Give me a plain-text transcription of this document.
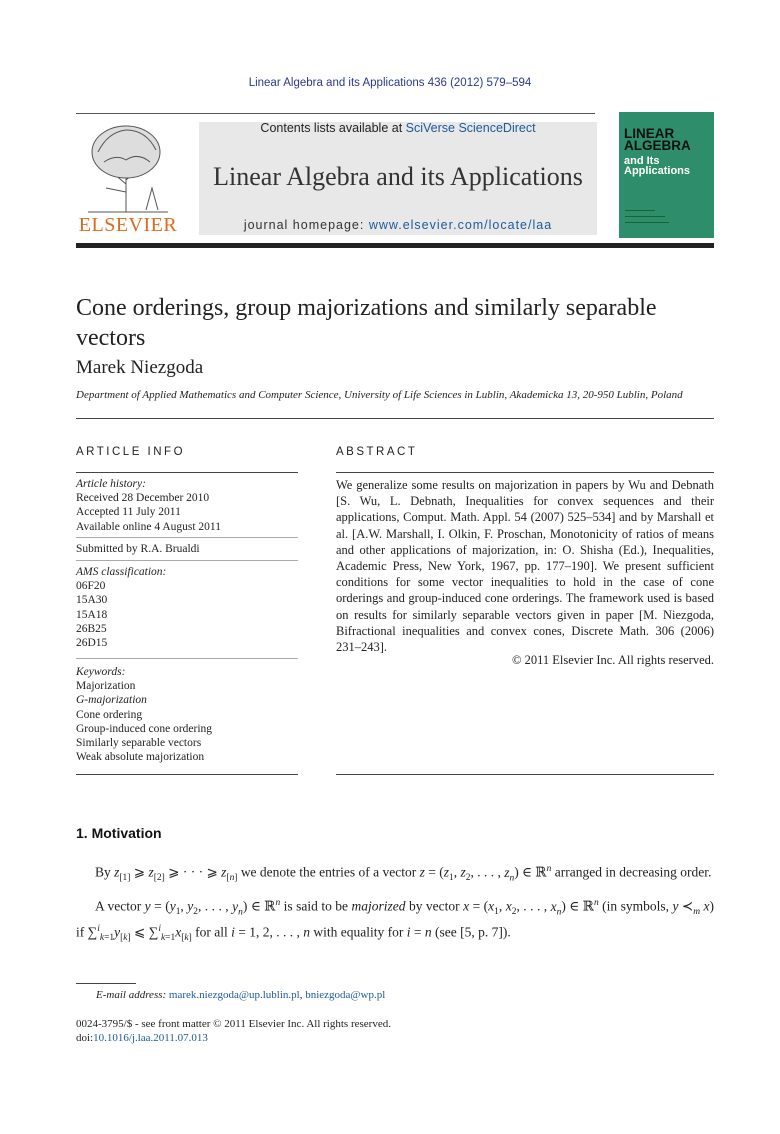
Linear Algebra and its Applications 436 (2012) 579–594
ELSEVIER
Contents lists available at SciVerse ScienceDirect
Linear Algebra and its Applications
journal homepage: www.elsevier.com/locate/laa
LINEAR
ALGEBRA
and Its
Applications
Cone orderings, group majorizations and similarly separable vectors
Marek Niezgoda
Department of Applied Mathematics and Computer Science, University of Life Sciences in Lublin, Akademicka 13, 20-950 Lublin, Poland
ARTICLE INFO
Article history:
Received 28 December 2010
Accepted 11 July 2011
Available online 4 August 2011
Submitted by R.A. Brualdi
AMS classification:
06F20
15A30
15A18
26B25
26D15
Keywords:
Majorization
G-majorization
Cone ordering
Group-induced cone ordering
Similarly separable vectors
Weak absolute majorization
ABSTRACT
We generalize some results on majorization in papers by Wu and Debnath [S. Wu, L. Debnath, Inequalities for convex sequences and their applications, Comput. Math. Appl. 54 (2007) 525–534] and by Marshall et al. [A.W. Marshall, I. Olkin, F. Proschan, Monotonicity of ratios of means and other applications of majorization, in: O. Shisha (Ed.), Inequalities, Academic Press, New York, 1967, pp. 177–190]. We present sufficient conditions for some vector inequalities to hold in the case of cone orderings and group-induced cone orderings. The framework used is based on results for similarly separable vectors given in paper [M. Niezgoda, Bifractional inequalities and convex cones, Discrete Math. 306 (2006) 231–243].
© 2011 Elsevier Inc. All rights reserved.
1. Motivation
By $z_{[1]}$ ⩾ $z_{[2]}$ ⩾ · · · ⩾ $z_{[n]}$ we denote the entries of a vector $z = (z_1$, $z_2$, . . . , $z_n$) ∈ ℝ$^n$ arranged in decreasing order.
A vector $y = (y_1$, $y_2$, . . . , $y_n$) ∈ ℝ$^n$ is said to be majorized by vector $x = (x_1$, $x_2$, . . . , $x_n$) ∈ ℝ$^n$ (in symbols, y $≺_m$ x) if $\sum^i_{k=1}y_{[k]}$ ⩽ $\sum^i_{k=1}x_{[k]}$ for all i = 1, 2, . . . , n with equality for i = n (see [5, p. 7]).
E-mail address: marek.niezgoda@up.lublin.pl, bniezgoda@wp.pl
0024-3795/$ - see front matter © 2011 Elsevier Inc. All rights reserved.
doi:10.1016/j.laa.2011.07.013
